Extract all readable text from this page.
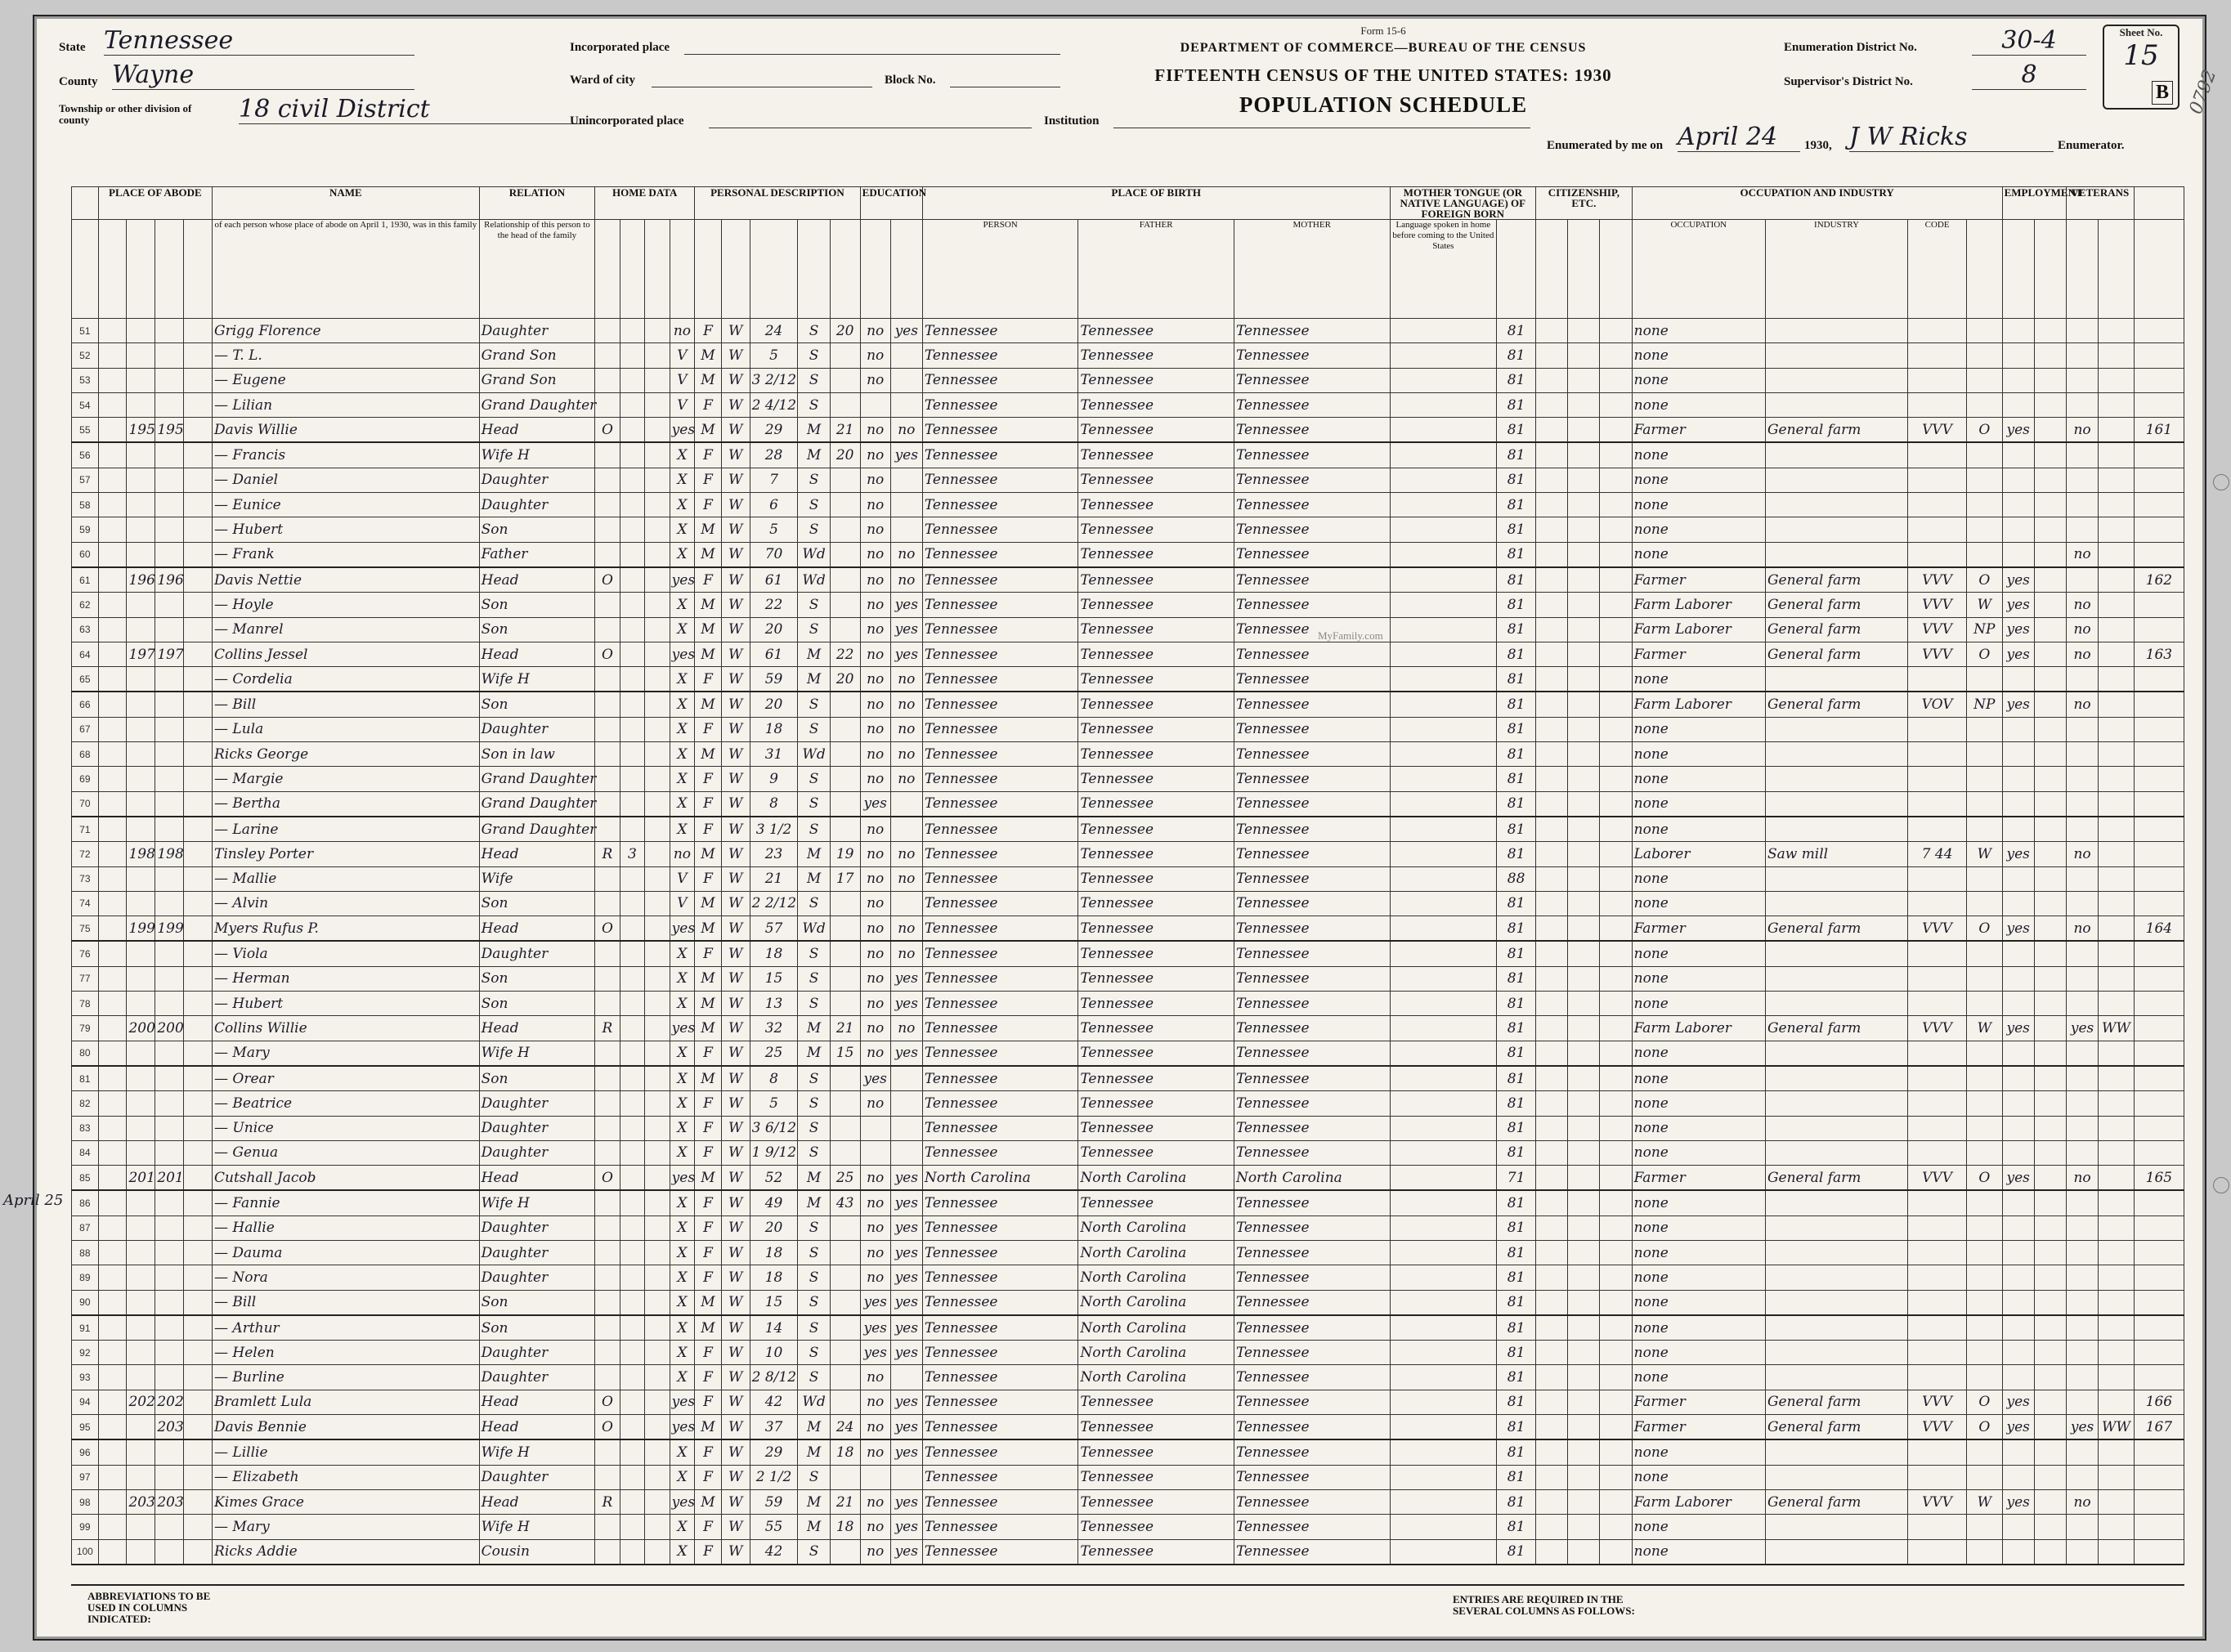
State Tennessee
County Wayne
Township or other division of county	18 civil District
Incorporated place
Ward of city	Block No.
Unincorporated place	Institution
Form 15-6
DEPARTMENT OF COMMERCE—BUREAU OF THE CENSUS
FIFTEENTH CENSUS OF THE UNITED STATES: 1930
POPULATION SCHEDULE
Enumeration District No.	30-4
Supervisor's District No.	8
Sheet No.
15
B 0792
Enumerated by me on April 24	1930, J W Ricks	Enumerator.
MyFamily.com
April 25
	PLACE OF ABODE				NAME	RELATION	HOME DATA				PERSONAL DESCRIPTION					EDUCATION		PLACE OF BIRTH			MOTHER TONGUE (OR NATIVE LANGUAGE) OF FOREIGN BORN		CITIZENSHIP, ETC.			OCCUPATION AND INDUSTRY				EMPLOYMENT		VETERANS		
					of each person whose place of abode on April 1, 1930, was in this family	Relationship of this person to the head of the family												PERSON	FATHER	MOTHER	Language spoken in home before coming to the United States					OCCUPATION	INDUSTRY	CODE						
51					Grigg Florence	Daughter				no	F	W	24	S	20	no	yes	Tennessee	Tennessee	Tennessee		81				none								
52					— T. L.	Grand Son				V	M	W	5	S		no		Tennessee	Tennessee	Tennessee		81				none								
53					— Eugene	Grand Son				V	M	W	3 2/12	S		no		Tennessee	Tennessee	Tennessee		81				none								
54					— Lilian	Grand Daughter				V	F	W	2 4/12	S				Tennessee	Tennessee	Tennessee		81				none								
55		195	195		Davis Willie	Head	O			yes	M	W	29	M	21	no	no	Tennessee	Tennessee	Tennessee		81				Farmer	General farm	VVV	O	yes		no		161
56					— Francis	Wife H				X	F	W	28	M	20	no	yes	Tennessee	Tennessee	Tennessee		81				none								
57					— Daniel	Daughter				X	F	W	7	S		no		Tennessee	Tennessee	Tennessee		81				none								
58					— Eunice	Daughter				X	F	W	6	S		no		Tennessee	Tennessee	Tennessee		81				none								
59					— Hubert	Son				X	M	W	5	S		no		Tennessee	Tennessee	Tennessee		81				none								
60					— Frank	Father				X	M	W	70	Wd		no	no	Tennessee	Tennessee	Tennessee		81				none						no		
61		196	196		Davis Nettie	Head	O			yes	F	W	61	Wd		no	no	Tennessee	Tennessee	Tennessee		81				Farmer	General farm	VVV	O	yes				162
62					— Hoyle	Son				X	M	W	22	S		no	yes	Tennessee	Tennessee	Tennessee		81				Farm Laborer	General farm	VVV	W	yes		no		
63					— Manrel	Son				X	M	W	20	S		no	yes	Tennessee	Tennessee	Tennessee		81				Farm Laborer	General farm	VVV	NP	yes		no		
64		197	197		Collins Jessel	Head	O			yes	M	W	61	M	22	no	yes	Tennessee	Tennessee	Tennessee		81				Farmer	General farm	VVV	O	yes		no		163
65					— Cordelia	Wife H				X	F	W	59	M	20	no	no	Tennessee	Tennessee	Tennessee		81				none								
66					— Bill	Son				X	M	W	20	S		no	no	Tennessee	Tennessee	Tennessee		81				Farm Laborer	General farm	VOV	NP	yes		no		
67					— Lula	Daughter				X	F	W	18	S		no	no	Tennessee	Tennessee	Tennessee		81				none								
68					Ricks George	Son in law				X	M	W	31	Wd		no	no	Tennessee	Tennessee	Tennessee		81				none								
69					— Margie	Grand Daughter				X	F	W	9	S		no	no	Tennessee	Tennessee	Tennessee		81				none								
70					— Bertha	Grand Daughter				X	F	W	8	S		yes		Tennessee	Tennessee	Tennessee		81				none								
71					— Larine	Grand Daughter				X	F	W	3 1/2	S		no		Tennessee	Tennessee	Tennessee		81				none								
72		198	198		Tinsley Porter	Head	R	3		no	M	W	23	M	19	no	no	Tennessee	Tennessee	Tennessee		81				Laborer	Saw mill	7 44	W	yes		no		
73					— Mallie	Wife				V	F	W	21	M	17	no	no	Tennessee	Tennessee	Tennessee		88				none								
74					— Alvin	Son				V	M	W	2 2/12	S		no		Tennessee	Tennessee	Tennessee		81				none								
75		199	199		Myers Rufus P.	Head	O			yes	M	W	57	Wd		no	no	Tennessee	Tennessee	Tennessee		81				Farmer	General farm	VVV	O	yes		no		164
76					— Viola	Daughter				X	F	W	18	S		no	no	Tennessee	Tennessee	Tennessee		81				none								
77					— Herman	Son				X	M	W	15	S		no	yes	Tennessee	Tennessee	Tennessee		81				none								
78					— Hubert	Son				X	M	W	13	S		no	yes	Tennessee	Tennessee	Tennessee		81				none								
79		200	200		Collins Willie	Head	R			yes	M	W	32	M	21	no	no	Tennessee	Tennessee	Tennessee		81				Farm Laborer	General farm	VVV	W	yes		yes	WW	
80					— Mary	Wife H				X	F	W	25	M	15	no	yes	Tennessee	Tennessee	Tennessee		81				none								
81					— Orear	Son				X	M	W	8	S		yes		Tennessee	Tennessee	Tennessee		81				none								
82					— Beatrice	Daughter				X	F	W	5	S		no		Tennessee	Tennessee	Tennessee		81				none								
83					— Unice	Daughter				X	F	W	3 6/12	S				Tennessee	Tennessee	Tennessee		81				none								
84					— Genua	Daughter				X	F	W	1 9/12	S				Tennessee	Tennessee	Tennessee		81				none								
85		201	201		Cutshall Jacob	Head	O			yes	M	W	52	M	25	no	yes	North Carolina	North Carolina	North Carolina		71				Farmer	General farm	VVV	O	yes		no		165
86					— Fannie	Wife H				X	F	W	49	M	43	no	yes	Tennessee	Tennessee	Tennessee		81				none								
87					— Hallie	Daughter				X	F	W	20	S		no	yes	Tennessee	North Carolina	Tennessee		81				none								
88					— Dauma	Daughter				X	F	W	18	S		no	yes	Tennessee	North Carolina	Tennessee		81				none								
89					— Nora	Daughter				X	F	W	18	S		no	yes	Tennessee	North Carolina	Tennessee		81				none								
90					— Bill	Son				X	M	W	15	S		yes	yes	Tennessee	North Carolina	Tennessee		81				none								
91					— Arthur	Son				X	M	W	14	S		yes	yes	Tennessee	North Carolina	Tennessee		81				none								
92					— Helen	Daughter				X	F	W	10	S		yes	yes	Tennessee	North Carolina	Tennessee		81				none								
93					— Burline	Daughter				X	F	W	2 8/12	S		no		Tennessee	North Carolina	Tennessee		81				none								
94		202	202		Bramlett Lula	Head	O			yes	F	W	42	Wd		no	yes	Tennessee	Tennessee	Tennessee		81				Farmer	General farm	VVV	O	yes				166
95			203		Davis Bennie	Head	O			yes	M	W	37	M	24	no	yes	Tennessee	Tennessee	Tennessee		81				Farmer	General farm	VVV	O	yes		yes	WW	167
96					— Lillie	Wife H				X	F	W	29	M	18	no	yes	Tennessee	Tennessee	Tennessee		81				none								
97					— Elizabeth	Daughter				X	F	W	2 1/2	S				Tennessee	Tennessee	Tennessee		81				none								
98		203	203		Kimes Grace	Head	R			yes	M	W	59	M	21	no	yes	Tennessee	Tennessee	Tennessee		81				Farm Laborer	General farm	VVV	W	yes		no		
99					— Mary	Wife H				X	F	W	55	M	18	no	yes	Tennessee	Tennessee	Tennessee		81				none								
100					Ricks Addie	Cousin				X	F	W	42	S		no	yes	Tennessee	Tennessee	Tennessee		81				none								
ABBREVIATIONS TO BE USED IN COLUMNS INDICATED:
ENTRIES ARE REQUIRED IN THE SEVERAL COLUMNS AS FOLLOWS:
